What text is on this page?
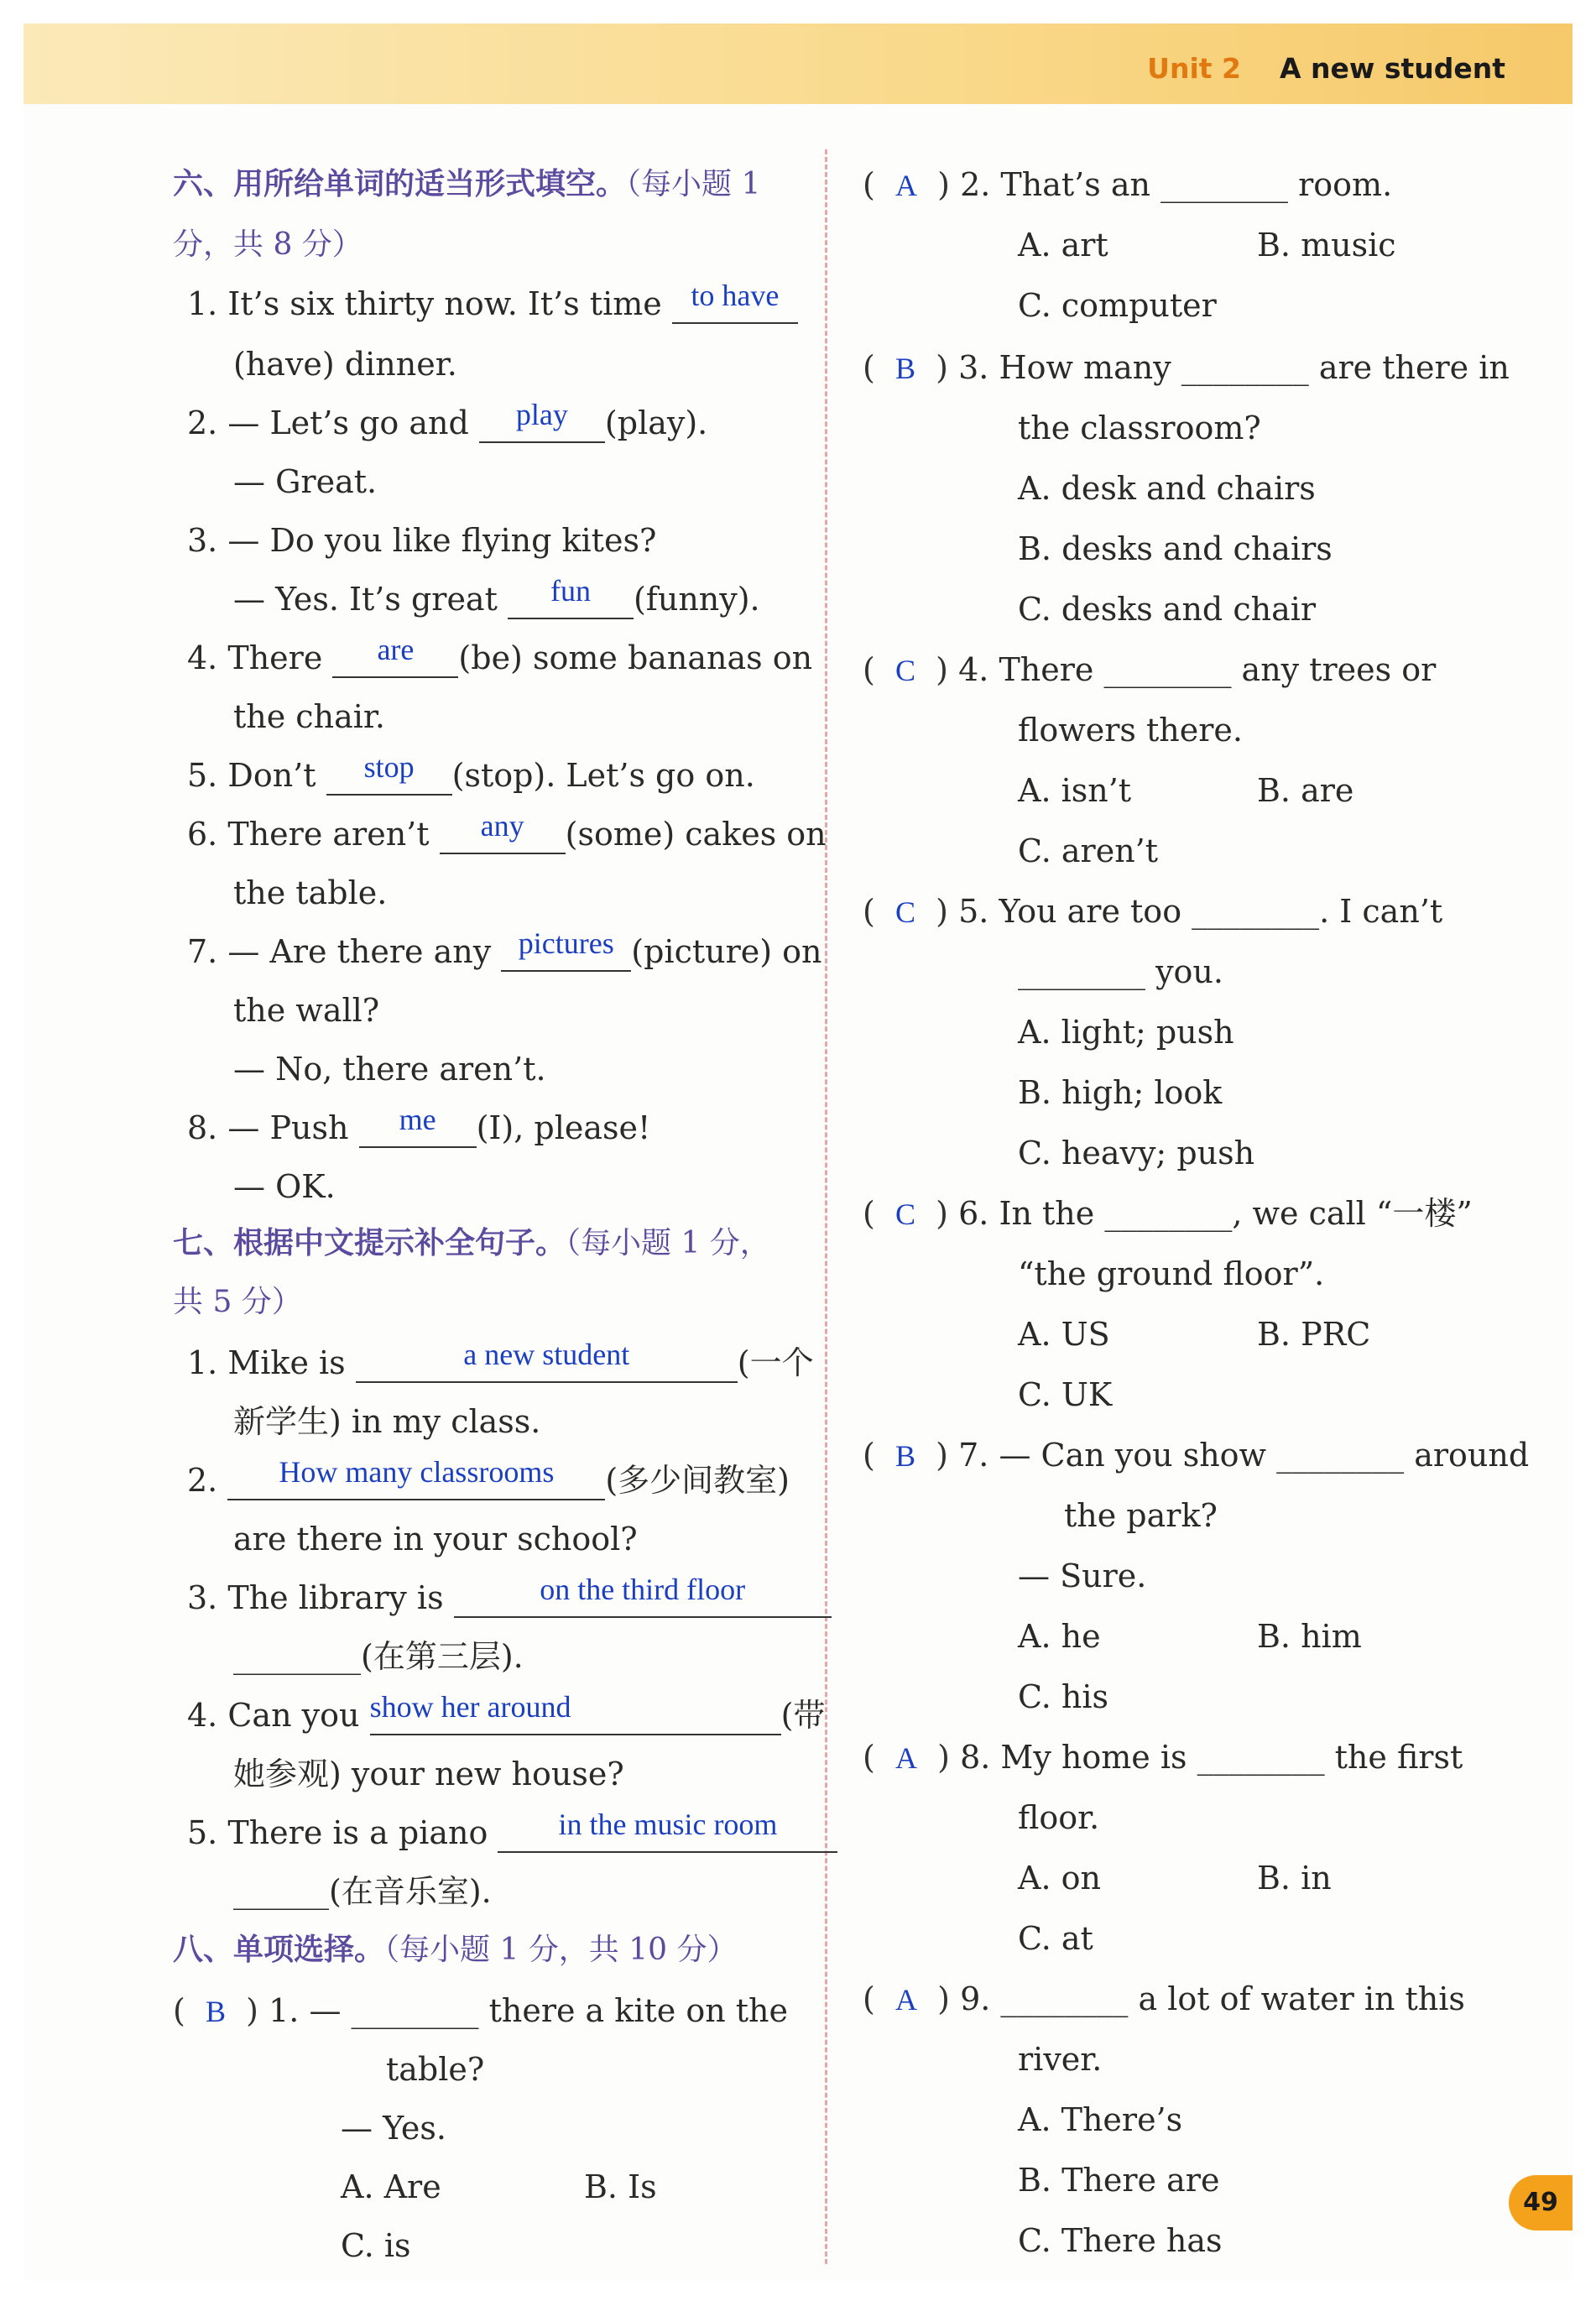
Unit 2 A new student
六、用所给单词的适当形式填空。（每小题 1
分，共 8 分）
1. It’s six thirty now. It’s time to have
(have) dinner.
2. — Let’s go and	play	(play).
— Great.
3. — Do you like flying kites?
— Yes. It’s great	fun	(funny).
4. There	are	(be) some bananas on
the chair.
5. Don’t	stop	(stop). Let’s go on.
6. There aren’t	any	(some) cakes on
the table.
7. — Are there any pictures (picture) on
the wall?
— No, there aren’t.
8. — Push	me	(I), please!
— OK.
七、根据中文提示补全句子。（每小题 1 分，
共 5 分）
1. Mike is	a new student	(一个
新学生) in my class.
2.	How many classrooms	(多少间教室)
are there in your school?
3. The library is	on the third floor
________(在第三层).
4. Can you show her around	(带
她参观) your new house?
5. There is a piano	in the music room
______(在音乐室).
八、单项选择。（每小题 1 分，共 10 分）
(  B  ) 1. — ________ there a kite on the
table?
— Yes.
A. Are	B. Is
C. is
(  A  ) 2. That’s an ________ room.
A. art	B. music
C. computer
(  B  ) 3. How many ________ are there in
the classroom?
A. desk and chairs
B. desks and chairs
C. desks and chair
(  C  ) 4. There ________ any trees or
flowers there.
A. isn’t	B. are
C. aren’t
(  C  ) 5. You are too ________. I can’t
________ you.
A. light; push
B. high; look
C. heavy; push
(  C  ) 6. In the ________, we call “一楼”
“the ground floor”.
A. US	B. PRC
C. UK
(  B  ) 7. — Can you show ________ around
the park?
— Sure.
A. he	B. him
C. his
(  A  ) 8. My home is ________ the first
floor.
A. on	B. in
C. at
(  A  ) 9. ________ a lot of water in this
river.
A. There’s
B. There are
C. There has
49
